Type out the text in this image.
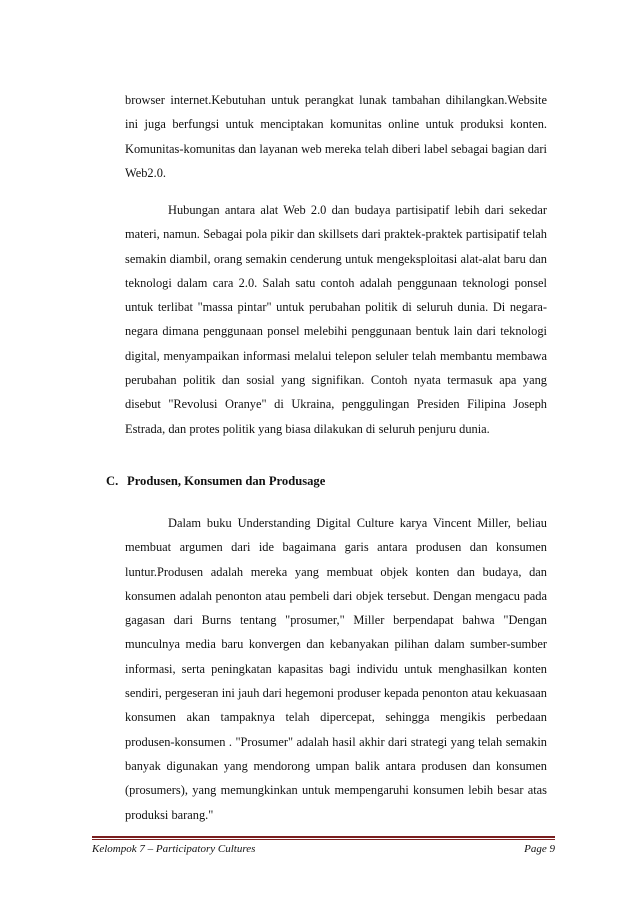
browser internet.Kebutuhan untuk perangkat lunak tambahan dihilangkan.Website ini juga berfungsi untuk menciptakan komunitas online untuk produksi konten. Komunitas-komunitas dan layanan web mereka telah diberi label sebagai bagian dari Web2.0.

Hubungan antara alat Web 2.0 dan budaya partisipatif lebih dari sekedar materi, namun. Sebagai pola pikir dan skillsets dari praktek-praktek partisipatif telah semakin diambil, orang semakin cenderung untuk mengeksploitasi alat-alat baru dan teknologi dalam cara 2.0. Salah satu contoh adalah penggunaan teknologi ponsel untuk terlibat "massa pintar" untuk perubahan politik di seluruh dunia. Di negara-negara dimana penggunaan ponsel melebihi penggunaan bentuk lain dari teknologi digital, menyampaikan informasi melalui telepon seluler telah membantu membawa perubahan politik dan sosial yang signifikan. Contoh nyata termasuk apa yang disebut "Revolusi Oranye" di Ukraina, penggulingan Presiden Filipina Joseph Estrada, dan protes politik yang biasa dilakukan di seluruh penjuru dunia.

C. Produsen, Konsumen dan Produsage

Dalam buku Understanding Digital Culture karya Vincent Miller, beliau membuat argumen dari ide bagaimana garis antara produsen dan konsumen luntur.Produsen adalah mereka yang membuat objek konten dan budaya, dan konsumen adalah penonton atau pembeli dari objek tersebut. Dengan mengacu pada gagasan dari Burns tentang "prosumer," Miller berpendapat bahwa "Dengan munculnya media baru konvergen dan kebanyakan pilihan dalam sumber-sumber informasi, serta peningkatan kapasitas bagi individu untuk menghasilkan konten sendiri, pergeseran ini jauh dari hegemoni produser kepada penonton atau kekuasaan konsumen akan tampaknya telah dipercepat, sehingga mengikis perbedaan produsen-konsumen . "Prosumer" adalah hasil akhir dari strategi yang telah semakin banyak digunakan yang mendorong umpan balik antara produsen dan konsumen (prosumers), yang memungkinkan untuk mempengaruhi konsumen lebih besar atas produksi barang."

Kelompok 7 – Participatory Cultures	Page 9
